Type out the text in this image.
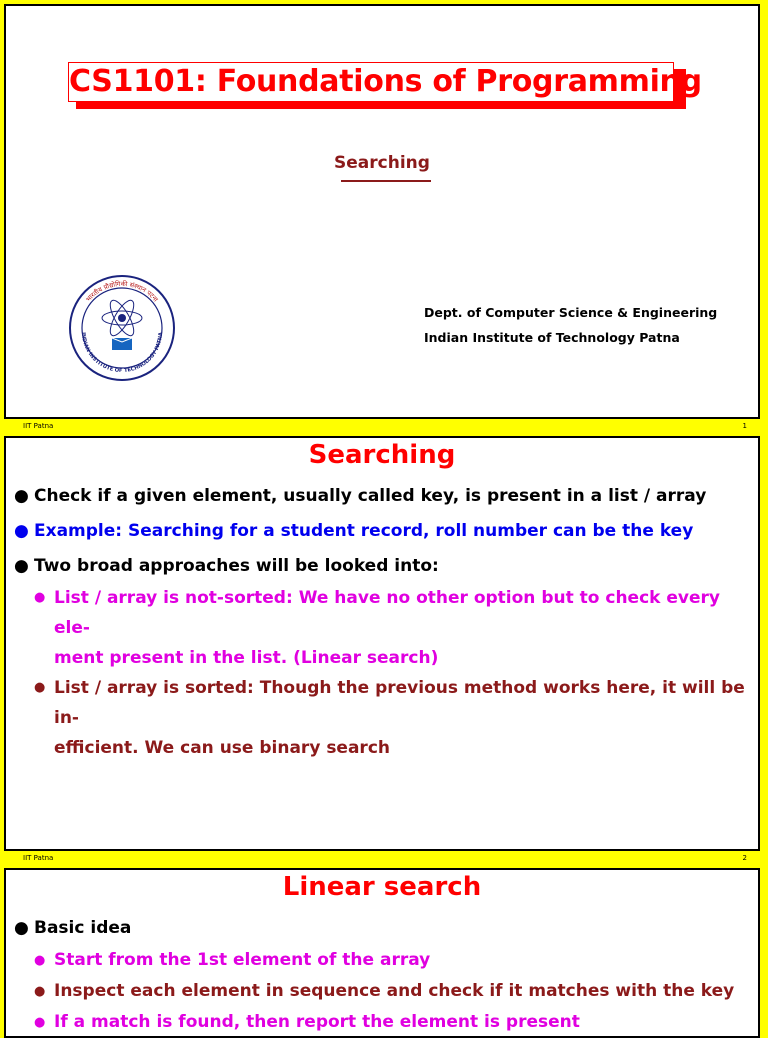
CS1101: Foundations of Programming
Searching
भारतीय प्रौद्योगिकी संस्थान पटना
INDIAN INSTITUTE OF TECHNOLOGY PATNA
Dept. of Computer Science & Engineering
Indian Institute of Technology Patna
IIT Patna	1
Searching
● Check if a given element, usually called key, is present in a list / array
● Example: Searching for a student record, roll number can be the key
● Two broad approaches will be looked into:
● List / array is not-sorted: We have no other option but to check every ele-
ment present in the list. (Linear search)
● List / array is sorted: Though the previous method works here, it will be in-
efficient. We can use binary search
IIT Patna	2
Linear search
● Basic idea
● Start from the 1st element of the array
● Inspect each element in sequence and check if it matches with the key
● If a match is found, then report the element is present
